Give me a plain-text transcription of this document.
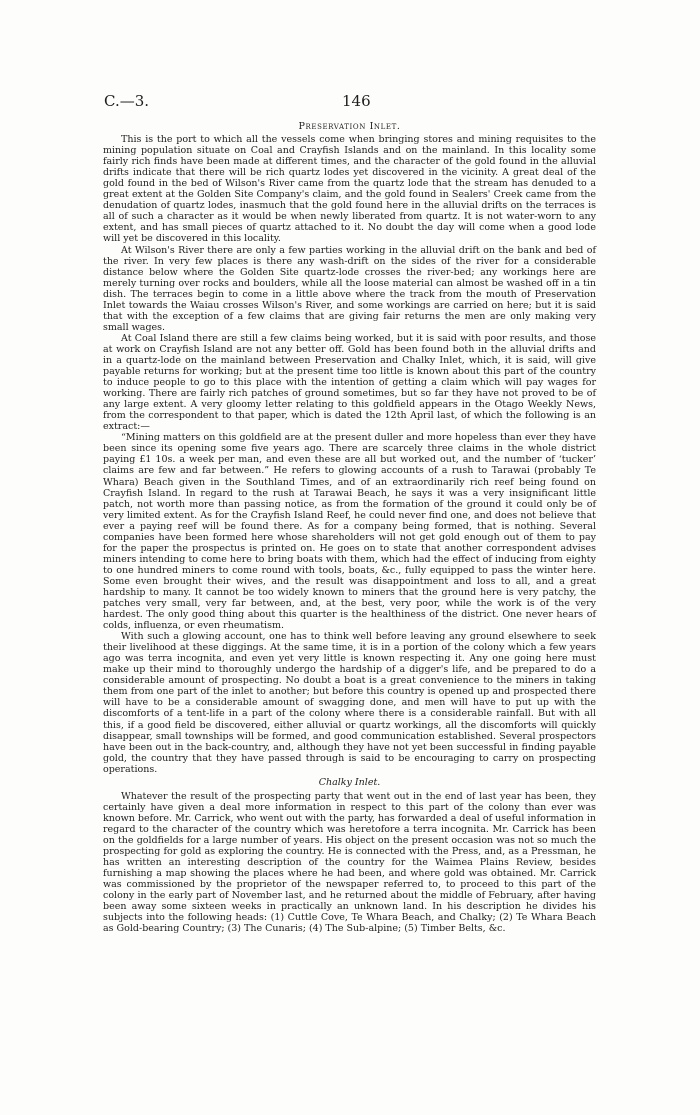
C.—3.	146
Preservation Inlet.

This is the port to which all the vessels come when bringing stores and mining requisites to the mining population situate on Coal and Crayfish Islands and on the mainland. In this locality some fairly rich finds have been made at different times, and the character of the gold found in the alluvial drifts indicate that there will be rich quartz lodes yet discovered in the vicinity. A great deal of the gold found in the bed of Wilson's River came from the quartz lode that the stream has denuded to a great extent at the Golden Site Company's claim, and the gold found in Sealers' Creek came from the denudation of quartz lodes, inasmuch that the gold found here in the alluvial drifts on the terraces is all of such a character as it would be when newly liberated from quartz. It is not water-worn to any extent, and has small pieces of quartz attached to it. No doubt the day will come when a good lode will yet be discovered in this locality.

At Wilson's River there are only a few parties working in the alluvial drift on the bank and bed of the river. In very few places is there any wash-drift on the sides of the river for a considerable distance below where the Golden Site quartz-lode crosses the river-bed; any workings here are merely turning over rocks and boulders, while all the loose material can almost be washed off in a tin dish. The terraces begin to come in a little above where the track from the mouth of Preservation Inlet towards the Waiau crosses Wilson's River, and some workings are carried on here; but it is said that with the exception of a few claims that are giving fair returns the men are only making very small wages.

At Coal Island there are still a few claims being worked, but it is said with poor results, and those at work on Crayfish Island are not any better off. Gold has been found both in the alluvial drifts and in a quartz-lode on the mainland between Preservation and Chalky Inlet, which, it is said, will give payable returns for working; but at the present time too little is known about this part of the country to induce people to go to this place with the intention of getting a claim which will pay wages for working. There are fairly rich patches of ground sometimes, but so far they have not proved to be of any large extent. A very gloomy letter relating to this goldfield appears in the Otago Weekly News, from the correspondent to that paper, which is dated the 12th April last, of which the following is an extract:—

“Mining matters on this goldfield are at the present duller and more hopeless than ever they have been since its opening some five years ago. There are scarcely three claims in the whole district paying £1 10s. a week per man, and even these are all but worked out, and the number of ‘tucker’ claims are few and far between.” He refers to glowing accounts of a rush to Tarawai (probably Te Whara) Beach given in the Southland Times, and of an extraordinarily rich reef being found on Crayfish Island. In regard to the rush at Tarawai Beach, he says it was a very insignificant little patch, not worth more than passing notice, as from the formation of the ground it could only be of very limited extent. As for the Crayfish Island Reef, he could never find one, and does not believe that ever a paying reef will be found there. As for a company being formed, that is nothing. Several companies have been formed here whose shareholders will not get gold enough out of them to pay for the paper the prospectus is printed on. He goes on to state that another correspondent advises miners intending to come here to bring boats with them, which had the effect of inducing from eighty to one hundred miners to come round with tools, boats, &c., fully equipped to pass the winter here. Some even brought their wives, and the result was disappointment and loss to all, and a great hardship to many. It cannot be too widely known to miners that the ground here is very patchy, the patches very small, very far between, and, at the best, very poor, while the work is of the very hardest. The only good thing about this quarter is the healthiness of the district. One never hears of colds, influenza, or even rheumatism.

With such a glowing account, one has to think well before leaving any ground elsewhere to seek their livelihood at these diggings. At the same time, it is in a portion of the colony which a few years ago was terra incognita, and even yet very little is known respecting it. Any one going here must make up their mind to thoroughly undergo the hardship of a digger's life, and be prepared to do a considerable amount of prospecting. No doubt a boat is a great convenience to the miners in taking them from one part of the inlet to another; but before this country is opened up and prospected there will have to be a considerable amount of swagging done, and men will have to put up with the discomforts of a tent-life in a part of the colony where there is a considerable rainfall. But with all this, if a good field be discovered, either alluvial or quartz workings, all the discomforts will quickly disappear, small townships will be formed, and good communication established. Several prospectors have been out in the back-country, and, although they have not yet been successful in finding payable gold, the country that they have passed through is said to be encouraging to carry on prospecting operations.

Chalky Inlet.

Whatever the result of the prospecting party that went out in the end of last year has been, they certainly have given a deal more information in respect to this part of the colony than ever was known before. Mr. Carrick, who went out with the party, has forwarded a deal of useful information in regard to the character of the country which was heretofore a terra incognita. Mr. Carrick has been on the goldfields for a large number of years. His object on the present occasion was not so much the prospecting for gold as exploring the country. He is connected with the Press, and, as a Pressman, he has written an interesting description of the country for the Waimea Plains Review, besides furnishing a map showing the places where he had been, and where gold was obtained. Mr. Carrick was commissioned by the proprietor of the newspaper referred to, to proceed to this part of the colony in the early part of November last, and he returned about the middle of February, after having been away some sixteen weeks in practically an unknown land. In his description he divides his subjects into the following heads: (1) Cuttle Cove, Te Whara Beach, and Chalky; (2) Te Whara Beach as Gold-bearing Country; (3) The Cunaris; (4) The Sub-alpine; (5) Timber Belts, &c.
